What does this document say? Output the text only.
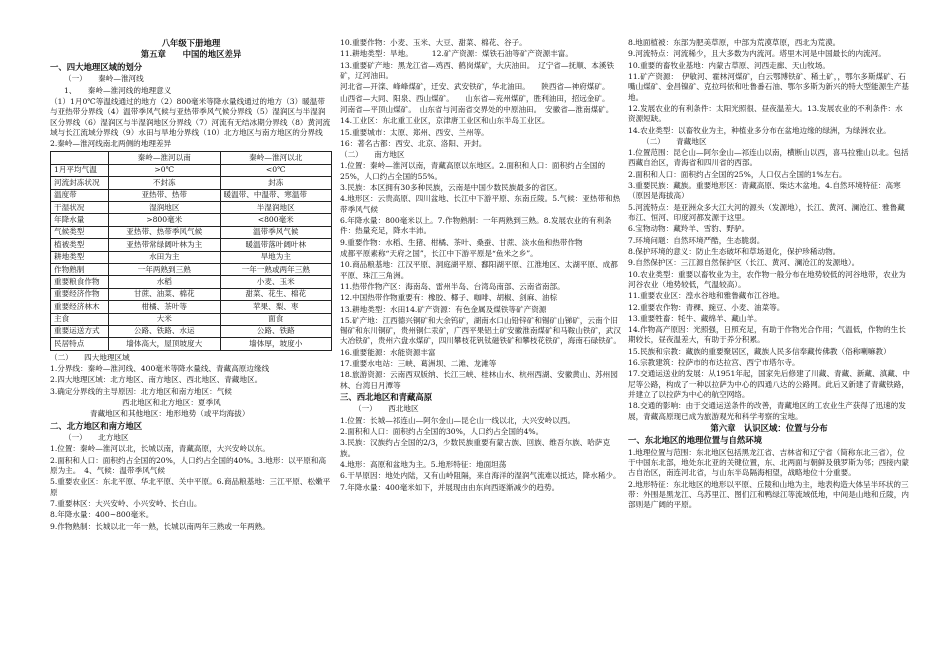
八年级下册地理
第五章　　中国的地区差异
一、四大地理区域的划分
（一）　　秦岭—淮河线

1、　　秦岭—淮河线的地理意义

（1）1月0℃等温线通过的地方（2）800毫米等降水量线通过的地方（3）暖温带与亚热带分界线（4）温带季风气候与亚热带季风气候分界线（5）湿润区与半湿润区分界线（6）湿润区与半湿润地区分界线（7）河流有无结冰期分界线（8）黄河流域与长江流域分界线（9）水田与旱地分界线（10）北方地区与南方地区的分界线

2.秦岭—淮河线南北两侧的地理差异

	秦岭—淮河以南	秦岭—淮河以北
1月平均气温	>0℃	<0℃
河流封冻状况	不封冻	封冻
温度带	亚热带、热带	暖温带、中温带、寒温带
干湿状况	湿润地区	半湿润地区
年降水量	>800毫米	<800毫米
气候类型	亚热带、热带季风气候	温带季风气候
植被类型	亚热带常绿阔叶林为主	暖温带落叶阔叶林
耕地类型	水田为主	旱地为主
作物熟制	一年两熟到三熟	一年一熟或两年三熟
重要粮食作物	水稻	小麦、玉米
重要经济作物	甘蔗、油菜、棉花	甜菜、花生、棉花
重要经济林木	柑橘、茶叶等	苹果、梨、枣
主食	大米	面食
重要运送方式	公路、铁路、水运	公路、铁路
民居特点	墙体高大，屋顶坡度大	墙体厚，坡度小
（二）　　四大地理区域

1.分界线：秦岭—淮河线、400毫米等降水量线、青藏高原边缘线

2.四大地理区域：北方地区、南方地区、西北地区、青藏地区。

3.确定分界线的主导原因：北方地区和南方地区：气候

西北地区和北方地区：夏季风

青藏地区和其他地区：地形地势（或平均海拔）

二、北方地区和南方地区
（一）　　北方地区

1.位置：秦岭—淮河以北，长城以南，青藏高原，大兴安岭以东。

2.面积和人口：面积约占全国的20%，人口约占全国的40%。3.地形：以平原和高原为主。　4、气候：温带季风气候

5.重要农业区：东北平原、华北平原、关中平原。6.商品粮基地：三江平原、松嫩平原

7.重要林区：大兴安岭、小兴安岭、长白山。

8.年降水量：400~800毫米。

9.作物熟制：长城以北一年一熟，长城以南两年三熟或一年两熟。

10.重要作物：小麦、玉米、大豆、甜菜、棉花、谷子。

11.耕地类型：旱地。　　　12.矿产资源：煤铁石油等矿产资源丰富。

13.重要矿产地：黑龙江省—鸡西、鹤岗煤矿，大庆油田。　辽宁省—抚顺、本溪铁矿，辽河油田。

河北省—开滦、峰峰煤矿，迁安、武安铁矿，华北油田。　　陕西省—神府煤矿。

山西省—大同、阳泉、西山煤矿。　　山东省—兖州煤矿，胜利油田，招远金矿。

河南省—平顶山煤矿。　山东省与河南省交界处的中原油田。　安徽省—淮南煤矿。

14.工业区：东北重工业区，京津唐工业区和山东半岛工业区。

15.重要城市：太原、郑州、西安、兰州等。

16：著名古都：西安、北京、洛阳、开封。

（二）　　南方地区

1.位置：秦岭—淮河以南，青藏高原以东地区。2.面积和人口：面积约占全国的25%，人口约占全国的55%。

3.民族：本区拥有30多种民族，云南是中国少数民族最多的省区。

4.地形区：云贵高原、四川盆地、长江中下游平原、东南丘陵。5.气候：亚热带和热带季风气候

6.年降水量：800毫米以上。7.作物熟制：一年两熟到三熟。8.发展农业的有利条件：热量充足，降水丰沛。

9.重要作物：水稻、生猪、柑橘、茶叶、桑蚕、甘蔗、淡水鱼和热带作物

成都平原素称“天府之国”，长江中下游平原是“鱼米之乡”。

10.商品粮基地：江汉平原、洞庭湖平原、鄱阳湖平原、江淮地区、太湖平原、成都平原、珠江三角洲。

11.热带作物产区：海南岛、雷州半岛、台湾岛南部、云南省南部。

12.中国热带作物重要有：橡胶、椰子、咖啡、胡椒、剑麻、油棕

13.耕地类型：水田14.矿产资源：有色金属及煤铁等矿产资源

15.矿产地：江西德兴铜矿和大余钨矿，湖南水口山铅锌矿和锡矿山锑矿，云南个旧锡矿和东川铜矿，贵州铜仁汞矿，广西平果铝土矿安徽淮南煤矿和马鞍山铁矿，武汉大冶铁矿，贵州六盘水煤矿，四川攀枝花钒钛磁铁矿和攀枝花铁矿，海南石碌铁矿。

16.重要能源：水能资源丰富

17.重要水电站：三峡、葛洲坝、二滩、龙滩等

18.旅游资源：云南西双版纳、长江三峡、桂林山水、杭州西湖、安徽黄山、苏州园林、台湾日月潭等

三、西北地区和青藏高原
（一）　　西北地区

1.位置：长城—祁连山—阿尔金山—昆仑山一线以北，大兴安岭以西。

2.面积和人口：面积约占全国的30%，人口约占全国的4%。

3.民族：汉族约占全国的2/3，少数民族重要有蒙古族、回族、维吾尔族、哈萨克族。

4.地形：高原和盆地为主。5.地形特征：地面坦荡

6.干旱原因：地处内陆，又有山岭阻隔，来自海洋的湿润气流难以抵达，降水稀少。

7.年降水量：400毫米如下，并展现由由东向西逐渐减少的趋势。

8.地面植被：东部为肥美草原，中部为荒漠草原，西北为荒漠。

9.河流特点：河流稀少，且大多数为内流河。塔里木河是中国最长的内流河。

10.重要的畜牧业基地：内蒙古草原、河西走廊、天山牧场。

11.矿产资源：　伊敏河、霍林河煤矿，白云鄂博铁矿、稀土矿，，鄂尔多斯煤矿、石嘴山煤矿、金昌镍矿、克拉玛依和吐鲁番石油、鄂尔多斯为新兴的特大型能源生产基地。

12.发展农业的有利条件：太阳光照很、昼夜温差大。13.发展农业的不利条件：水资源短缺。

14.农业类型：以畜牧业为主，种植业多分布在盆地边缘的绿洲，为绿洲农业。

（二）　　青藏地区

1.位置范围：昆仑山—阿尔金山—祁连山以南，横断山以西，喜马拉雅山以北。包括西藏自治区，青海省和四川省的西部。

2.面积和人口：面积约占全国的25%，人口仅占全国的1%左右。

3.重要民族：藏族。重要地形区：青藏高原、柴达木盆地。4.自然环境特征：高寒（原因是海拔高）

5.河流特点：是亚洲众多大江大河的源头（发源地），长江、黄河、澜沧江、雅鲁藏布江、恒河、印度河都发源于这里。

6.宝物动物：藏羚羊、雪豹、野驴。

7.环境问题：自然环境严酷，生态脆弱。

8.保护环境的意义：防止生态破坏和草场退化，保护珍稀动物。

9.自然保护区：三江源自然保护区（长江、黄河、澜沧江的发源地）。

10.农业类型：重要以畜牧业为主，农作物一般分布在地势较低的河谷地带，农业为河谷农业（地势较低，气温较高）。

11.重要农业区：湟水谷地和雅鲁藏布江谷地。

12.重要农作物：青稞、豌豆、小麦、油菜等。

13.重要牲畜：牦牛、藏绵羊、藏山羊。

14.作物高产原因：光照强，日照充足，有助于作物光合作用；气温低，作物的生长期较长，昼夜温差大，有助于养分积累。

15.民族和宗教：藏族的重要聚居区，藏族人民多信奉藏传佛教（俗称喇嘛教）

16.宗教建筑：拉萨市的布达拉宫、西宁市塔尔寺。

17.交通运送业的发展：从1951年起，国家先后修建了川藏、青藏、新藏、滇藏、中尼等公路，构成了一种以拉萨为中心的四通八达的公路网。此后又新建了青藏铁路，并建立了以拉萨为中心的航空网络。

18.交通的影响：由于交通运送条件的改善，青藏地区的工农业生产获得了迅速的发展，青藏高原现已成为旅游观光和科学考察的宝地。

第六章　认识区域：位置与分布
一、东北地区的地理位置与自然环境

1.地理位置与范围：东北地区包括黑龙江省、吉林省和辽宁省（简称东北三省），位于中国东北部，地处东北亚的关键位置，东、北两面与朝鲜及俄罗斯为邻；西接内蒙古自治区，南连河北省，与山东半岛隔海相望，战略地位十分重要。

2.地形特征：东北地区的地形以平原、丘陵和山地为主，地表构造大体呈半环状的三带：外围是黑龙江、乌苏里江、图们江和鸭绿江等流域低地，中间是山地和丘陵，内部则是广阔的平原。
